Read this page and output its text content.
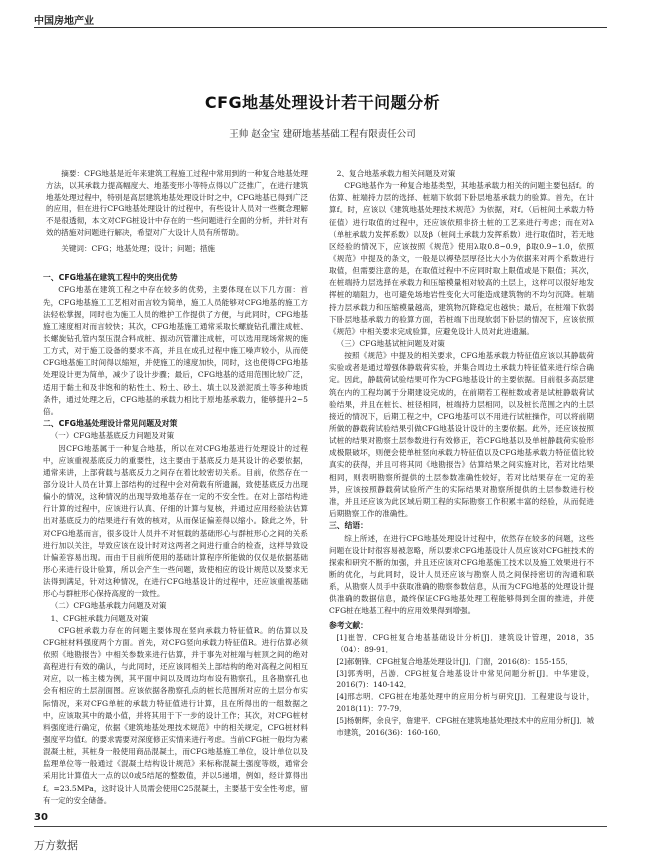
中国房地产业
CFG地基处理设计若干问题分析

王帅 赵金宝 建研地基基础工程有限责任公司

摘要：CFG地基是近年来建筑工程施工过程中常用到的一种复合地基处理方法，以其承载力提高幅度大、地基变形小等特点得以广泛推广，在进行建筑地基处理过程中，特别是高层建筑地基处理设计时之中，CFG地基已得到广泛的应用，但在进行CFG地基处理设计的过程中，有些设计人员对一些概念理解不是很透彻，本文对CFG桩设计中存在的一些问题进行全面的分析，并针对有效的措施对问题进行解决，希望对广大设计人员有所帮助。

关键词：CFG；地基处理；设计；问题；措施

一、CFG地基在建筑工程中的突出优势

CFG地基在建筑工程之中存在较多的优势，主要体现在以下几方面：首先，CFG地基施工工艺相对而言较为简单，施工人员能够对CFG地基的施工方法轻松掌握，同时也为施工人员的维护工作提供了方便，与此同时，CFG地基施工速度相对而言较快；其次，CFG地基施工通常采取长螺旋钻孔灌注成桩、长螺旋钻孔管内泵压混合料成桩、振动沉管灌注成桩，可以选用现场常规的施工方式，对于施工设备的要求不高，并且在成孔过程中施工噪声较小，从而使CFG地基施工时间得以缩短，并使施工的速度加快，同时，这也使得CFG地基处理设计更为简单，减少了设计步骤；最后，CFG地基的适用范围比较广泛，适用于黏土和及非饱和的粘性土、粉土、砂土、填土以及淤泥质土等多种地质条件，通过处理之后，CFG地基的承载力相比于原地基承载力，能够提升2~5倍。

二、CFG地基处理设计常见问题及对策
（一）CFG地基基底反力问题及对策

因CFG地基属于一种复合地基，所以在对CFG地基进行处理设计的过程中，应该重视基底反力的重要性，这主要由于基底反力是其设计的必要依据，通常来讲，上部荷载与基底反力之间存在着比较密切关系。目前，依然存在一部分设计人员在计算上部结构的过程中会对荷载有所遗漏，致使基底反力出现偏小的情况，这种情况的出现导致地基存在一定的不安全性。在对上部结构进行计算的过程中，应该进行认真、仔细的计算与复核，并通过应用经验法估算出对基底反力的结果进行有效的核对，从而保证偏差得以缩小。除此之外，针对CFG地基而言，很多设计人员并不对恒载的基础形心与群桩形心之间的关系进行加以关注，导致应该在设计时对这两者之间进行重合的检查，这样导致设计偏差容易出现。而由于目前所使用的基础计算程序所能做的仅仅是依据基础形心来进行设计验算，所以会产生一些问题，致使相应的设计规范以及要求无法得到满足，针对这种情况，在进行CFG地基设计的过程中，还应该重视基础形心与群桩形心保持高度的一致性。

（二）CFG地基承载力问题及对策
1、CFG桩承载力问题及对策

CFG桩承载力存在的问题主要体现在竖向承载力特征值R。的估算以及CFG桩材料强度两个方面。首先，对CFG竖向承载力特征值R。进行估算必须依照《地勘报告》中相关参数来进行估算，并于事先对桩端与桩顶之间的绝对高程进行有效的确认，与此同时，还应该同相关上部结构的绝对高程之间相互对应，以一栋主楼为例，其平面中间以及周边均布设有勘察孔，且各勘察孔也会有相应的土层剖面图。应该依据各勘察孔点的桩长范围所对应的土层分布实际情况，来对CFG单桩的承载力特征值进行计算，且在所得出的一组数据之中，应该取其中的最小值，并将其用于下一步的设计工作；其次，对CFG桩材料强度进行确定，依据《建筑地基处理技术规范》中的相关规定，CFG桩材料强度平均值f。的要求需要对深度修正实情来进行考虑。当前CFG桩一般均为素混凝土桩，其桩身一般使用商品混凝土，而CFG地基施工单位，设计单位以及监理单位等一般通过《混凝土结构设计规范》来标称混凝土强度等级，通常会采用比计算值大一点的以0或5结尾的整数值，并以5递增，例如，经计算得出f。=23.5MPa，这时设计人员需会使用C25混凝土，主要基于安全性考虑，留有一定的安全储备。

2、复合地基承载力相关问题及对策

CFG地基作为一种复合地基类型，其地基承载力相关的问题主要包括f。的估算、桩端持力层的选择、桩端下软弱下卧层地基承载力的验算。首先，在计算f。时，应该以《建筑地基处理技术规范》为依据，对f。（后桩间土承载力特征值）进行取值的过程中，还应该依照非挤土桩的工艺来进行考虑；而在对λ（单桩承载力发挥系数）以及β（桩间土承载力发挥系数）进行取值时，若无地区经验的情况下，应该按照《规范》使用λ取0.8~0.9，β取0.9~1.0，依照《规范》中提及的条文，一般是以褥垫层厚径比大小为依据来对两个系数进行取值，但需要注意的是，在取值过程中不应同时取上限值或是下限值；其次，在桩端持力层选择在承载力和压缩模量相对较高的土层上，这样可以很好地发挥桩的端阻力，也可避免场地岩性变化大可能造成建筑物的不均匀沉降。桩端持力层承载力和压缩模量越高，建筑物沉降稳定也越快；最后，在桩端下软弱下卧层地基承载力的验算方面，若桩端下出现软弱下卧层的情况下，应该依照《规范》中相关要求完成验算，应避免设计人员对此进遗漏。

（三）CFG地基试桩问题及对策

按照《规范》中提及的相关要求，CFG地基承载力特征值应该以其静载荷实验或者是通过增强体静载荷实验，并集合周边土承载力特征值来进行综合确定。因此，静载荷试验结果可作为CFG地基设计的主要依据。目前很多高层建筑在内的工程均属于分期建设完成的，在前期若工程桩数或者是试桩静载荷试验结果，并且在桩长、桩径相同，桩端持力层相同，以及桩长范围之内的土层接近的情况下，后期工程之中，CFG地基可以不用进行试桩操作，可以将前期所做的静载荷试验结果引做CFG地基设计设计的主要依据。此外，还应该按照试桩的结果对勘察土层参数进行有效修正，若CFG地基以及单桩静载荷实验形成极限破坏，则便会使单桩竖向承载力特征值以及CFG地基承载力特征值比较真实的获得，并且可将其同《地勘报告》估算结果之间实施对比，若对比结果相同，则表明勘察所提供的土层参数准确性较好，若对比结果存在一定的差异，应该按照静载荷试验所产生的实际结果对勘察所提供的土层参数进行校准，并且还应该为此区域后期工程的实际勘察工作积累丰富的经验，从而促进后期勘察工作的准确性。

三、结语：

综上所述，在进行CFG地基处理设计过程中，依然存在较多的问题，这些问题在设计时很容易被忽略，所以要求CFG地基设计人员应该对CFG桩技术的探索和研究不断的加强，并且还应该对CFG地基施工技术以及施工效果进行不断的优化，与此同时，设计人员还应该与勘察人员之间保持密切的沟通和联系，从勘察人员手中获取准确的勘察参数信息，从而为CFG地基的处理设计提供准确的数据信息，最终保证CFG地基处理工程能够得到全面的推进，并使CFG桩在地基工程中的应用效果得到增强。

参考文献：

[1]崔智．CFG桩复合地基基础设计分析[J]．建筑设计管理，2018，35（04）：89-91．

[2]郝朝锋．CFG桩复合地基处理设计[J]．门窗，2016(8)：155-155．

[3]郭秀明，吕游．CFG桩复合地基设计中常见问题分析[J]．中华建设，2016(7)：140-142．

[4]邢志明．CFG桩在地基处理中的应用分析与研究[J]．工程建设与设计，2018(11)：77-79．

[5]杨朝辉，余良宇，詹建平．CFG桩在建筑地基处理技术中的应用分析[J]．城市建筑，2016(36)：160-160．

30
万方数据
